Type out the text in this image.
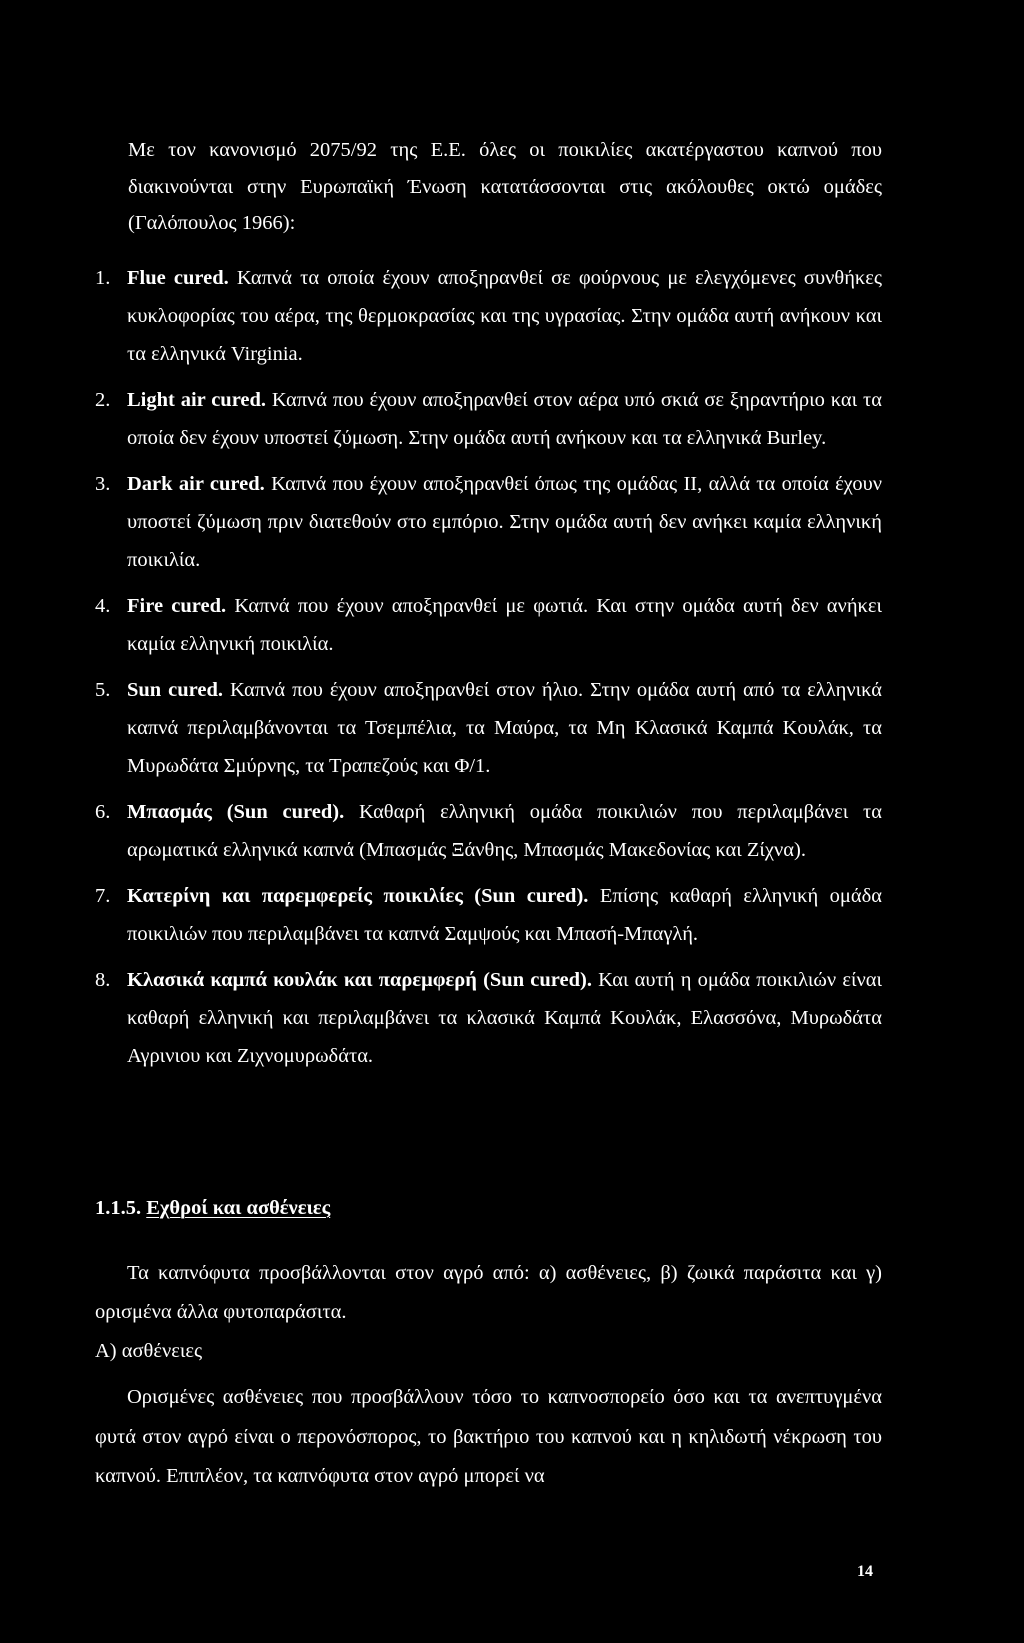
Με τον κανονισμό 2075/92 της Ε.Ε. όλες οι ποικιλίες ακατέργαστου καπνού που διακινούνται στην Ευρωπαϊκή Ένωση κατατάσσονται στις ακόλουθες οκτώ ομάδες (Γαλόπουλος 1966):

1. Flue cured. Καπνά τα οποία έχουν αποξηρανθεί σε φούρνους με ελεγχόμενες συνθήκες κυκλοφορίας του αέρα, της θερμοκρασίας και της υγρασίας. Στην ομάδα αυτή ανήκουν και τα ελληνικά Virginia.
2. Light air cured. Καπνά που έχουν αποξηρανθεί στον αέρα υπό σκιά σε ξηραντήριο και τα οποία δεν έχουν υποστεί ζύμωση. Στην ομάδα αυτή ανήκουν και τα ελληνικά Burley.
3. Dark air cured. Καπνά που έχουν αποξηρανθεί όπως της ομάδας ΙΙ, αλλά τα οποία έχουν υποστεί ζύμωση πριν διατεθούν στο εμπόριο. Στην ομάδα αυτή δεν ανήκει καμία ελληνική ποικιλία.
4. Fire cured. Καπνά που έχουν αποξηρανθεί με φωτιά. Και στην ομάδα αυτή δεν ανήκει καμία ελληνική ποικιλία.
5. Sun cured. Καπνά που έχουν αποξηρανθεί στον ήλιο. Στην ομάδα αυτή από τα ελληνικά καπνά περιλαμβάνονται τα Τσεμπέλια, τα Μαύρα, τα Μη Κλασικά Καμπά Κουλάκ, τα Μυρωδάτα Σμύρνης, τα Τραπεζούς και Φ/1.
6. Μπασμάς (Sun cured). Καθαρή ελληνική ομάδα ποικιλιών που περιλαμβάνει τα αρωματικά ελληνικά καπνά (Μπασμάς Ξάνθης, Μπασμάς Μακεδονίας και Ζίχνα).
7. Κατερίνη και παρεμφερείς ποικιλίες (Sun cured). Επίσης καθαρή ελληνική ομάδα ποικιλιών που περιλαμβάνει τα καπνά Σαμψούς και Μπασή-Μπαγλή.
8. Κλασικά καμπά κουλάκ και παρεμφερή (Sun cured). Και αυτή η ομάδα ποικιλιών είναι καθαρή ελληνική και περιλαμβάνει τα κλασικά Καμπά Κουλάκ, Ελασσόνα, Μυρωδάτα Αγρινιου και Ζιχνομυρωδάτα.
1.1.5. Εχθροί και ασθένειες

Τα καπνόφυτα προσβάλλονται στον αγρό από: α) ασθένειες, β) ζωικά παράσιτα και γ) ορισμένα άλλα φυτοπαράσιτα.

Α) ασθένειες

Ορισμένες ασθένειες που προσβάλλουν τόσο το καπνοσπορείο όσο και τα ανεπτυγμένα φυτά στον αγρό είναι ο περονόσπορος, το βακτήριο του καπνού και η κηλιδωτή νέκρωση του καπνού. Επιπλέον, τα καπνόφυτα στον αγρό μπορεί να

14
